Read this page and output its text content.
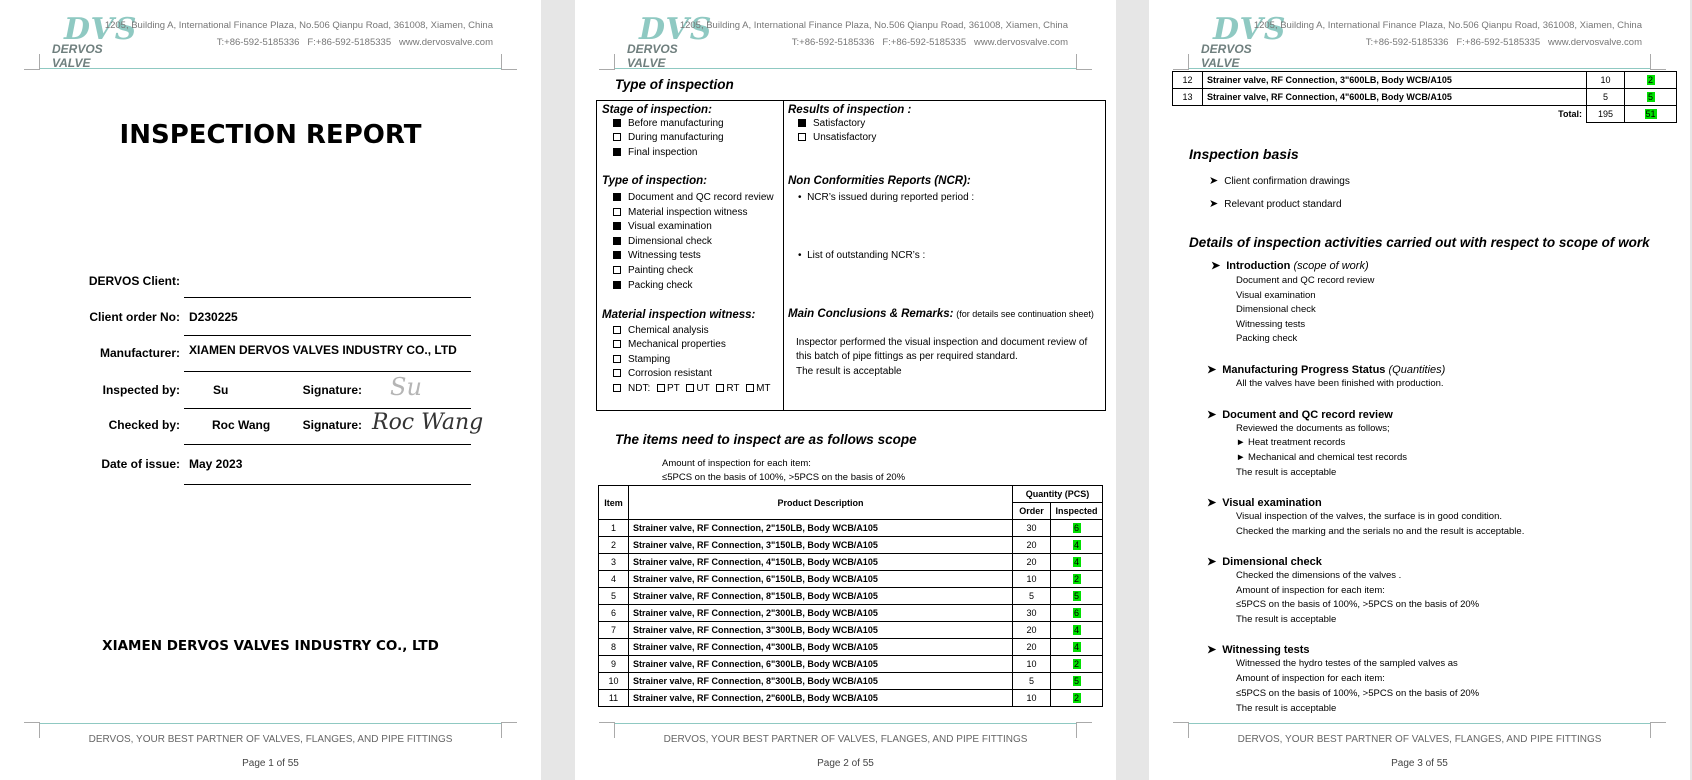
DVS
DERVOS VALVE
1205, Building A, International Finance Plaza, No.506 Qianpu Road, 361008, Xiamen, China
T:+86-592-5185336   F:+86-592-5185335   www.dervosvalve.com
INSPECTION REPORT
DERVOS Client:
Client order No: D230225
Manufacturer: XIAMEN DERVOS VALVES INDUSTRY CO., LTD
Inspected by:	Su	Signature: Su
Checked by:	Roc Wang	Signature: Roc Wang
Date of issue: May 2023
XIAMEN DERVOS VALVES INDUSTRY CO., LTD
DERVOS, YOUR BEST PARTNER OF VALVES, FLANGES, AND PIPE FITTINGS
Page 1 of 55
DVS
DERVOS VALVE
1205, Building A, International Finance Plaza, No.506 Qianpu Road, 361008, Xiamen, China
T:+86-592-5185336   F:+86-592-5185335   www.dervosvalve.com
Type of inspection
Stage of inspection:
Before manufacturing
During manufacturing
Final inspection
Type of inspection:
Document and QC record review
Material inspection witness
Visual examination
Dimensional check
Witnessing tests
Painting check
Packing check
Material inspection witness:
Chemical analysis
Mechanical properties
Stamping
Corrosion resistant
NDT: PT UT RT MT
Results of inspection :
Satisfactory
Unsatisfactory
Non Conformities Reports (NCR):
•  NCR’s issued during reported period :
•  List of outstanding NCR’s :
Main Conclusions & Remarks: (for details see continuation sheet)
Inspector performed the visual inspection and document review of
this batch of pipe fittings as per required standard.
The result is acceptable
The items need to inspect are as follows scope
Amount of inspection for each item:
≤5PCS on the basis of 100%, >5PCS on the basis of 20%
Item	Product Description	Quantity (PCS)	
		Order	Inspected
1	Strainer valve, RF Connection, 2"150LB, Body WCB/A105	30	6
2	Strainer valve, RF Connection, 3"150LB, Body WCB/A105	20	4
3	Strainer valve, RF Connection, 4"150LB, Body WCB/A105	20	4
4	Strainer valve, RF Connection, 6"150LB, Body WCB/A105	10	2
5	Strainer valve, RF Connection, 8"150LB, Body WCB/A105	5	5
6	Strainer valve, RF Connection, 2"300LB, Body WCB/A105	30	6
7	Strainer valve, RF Connection, 3"300LB, Body WCB/A105	20	4
8	Strainer valve, RF Connection, 4"300LB, Body WCB/A105	20	4
9	Strainer valve, RF Connection, 6"300LB, Body WCB/A105	10	2
10	Strainer valve, RF Connection, 8"300LB, Body WCB/A105	5	5
11	Strainer valve, RF Connection, 2"600LB, Body WCB/A105	10	2
DERVOS, YOUR BEST PARTNER OF VALVES, FLANGES, AND PIPE FITTINGS
Page 2 of 55
DVS
DERVOS VALVE
1205, Building A, International Finance Plaza, No.506 Qianpu Road, 361008, Xiamen, China
T:+86-592-5185336   F:+86-592-5185335   www.dervosvalve.com
12	Strainer valve, RF Connection, 3"600LB, Body WCB/A105	10	2
13	Strainer valve, RF Connection, 4"600LB, Body WCB/A105	5	5
Total:		195	51
Inspection basis
➤ Client confirmation drawings
➤ Relevant product standard
Details of inspection activities carried out with respect to scope of work
➤ Introduction (scope of work)
Document and QC record review
Visual examination
Dimensional check
Witnessing tests
Packing check
➤ Manufacturing Progress Status (Quantities)
All the valves have been finished with production.
➤ Document and QC record review
Reviewed the documents as follows;
► Heat treatment records
► Mechanical and chemical test records
The result is acceptable
➤ Visual examination
Visual inspection of the valves, the surface is in good condition.
Checked the marking and the serials no and the result is acceptable.
➤ Dimensional check
Checked the dimensions of the valves .
Amount of inspection for each item:
≤5PCS on the basis of 100%, >5PCS on the basis of 20%
The result is acceptable
➤ Witnessing tests
Witnessed the hydro testes of the sampled valves as
Amount of inspection for each item:
≤5PCS on the basis of 100%, >5PCS on the basis of 20%
The result is acceptable
DERVOS, YOUR BEST PARTNER OF VALVES, FLANGES, AND PIPE FITTINGS
Page 3 of 55
